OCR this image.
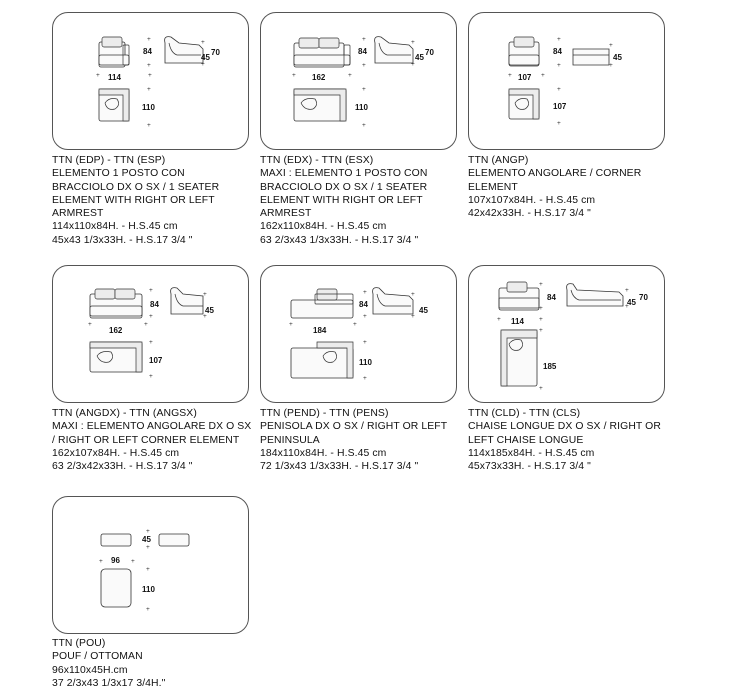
+	+
+
+
+
+
+
+
84
45
70
114
110
TTN (EDP) - TTN (ESP)
ELEMENTO 1 POSTO CON
BRACCIOLO DX O SX / 1 SEATER
ELEMENT WITH RIGHT OR LEFT
ARMREST
114x110x84H. - H.S.45 cm
45x43 1/3x33H. - H.S.17 3/4 "
+	+
+
+
+
+
+
+
84
45
70
162
110
TTN (EDX) - TTN (ESX)
MAXI : ELEMENTO 1 POSTO CON
BRACCIOLO DX O SX / 1 SEATER
ELEMENT WITH RIGHT OR LEFT
ARMREST
162x110x84H. - H.S.45 cm
63 2/3x43 1/3x33H. - H.S.17 3/4 "
+	+
+
+
+
+
+
+
84
45
107
107
TTN (ANGP)
ELEMENTO ANGOLARE / CORNER
ELEMENT
107x107x84H. - H.S.45 cm
42x42x33H. - H.S.17 3/4 "
+	+
+
+
+
+
+
+
84
45
162
107
TTN (ANGDX) - TTN (ANGSX)
MAXI : ELEMENTO ANGOLARE DX O SX
/ RIGHT OR LEFT CORNER ELEMENT
162x107x84H. - H.S.45 cm
63 2/3x42x33H. - H.S.17 3/4 "
+	+
+
+
+
+
+
+
84
45
184
110
TTN (PEND) - TTN (PENS)
PENISOLA DX O SX / RIGHT OR LEFT
PENINSULA
184x110x84H. - H.S.45 cm
72 1/3x43 1/3x33H. - H.S.17 3/4 "
+	+
+
+
+
+
+
+
84
45
70
114
185
TTN (CLD) - TTN (CLS)
CHAISE LONGUE DX O SX / RIGHT OR
LEFT CHAISE LONGUE
114x185x84H. - H.S.45 cm
45x73x33H. - H.S.17 3/4 "
+	+
+
+
+
+
45
96
110
TTN (POU)
POUF / OTTOMAN
96x110x45H.cm
37 2/3x43 1/3x17 3/4H."
